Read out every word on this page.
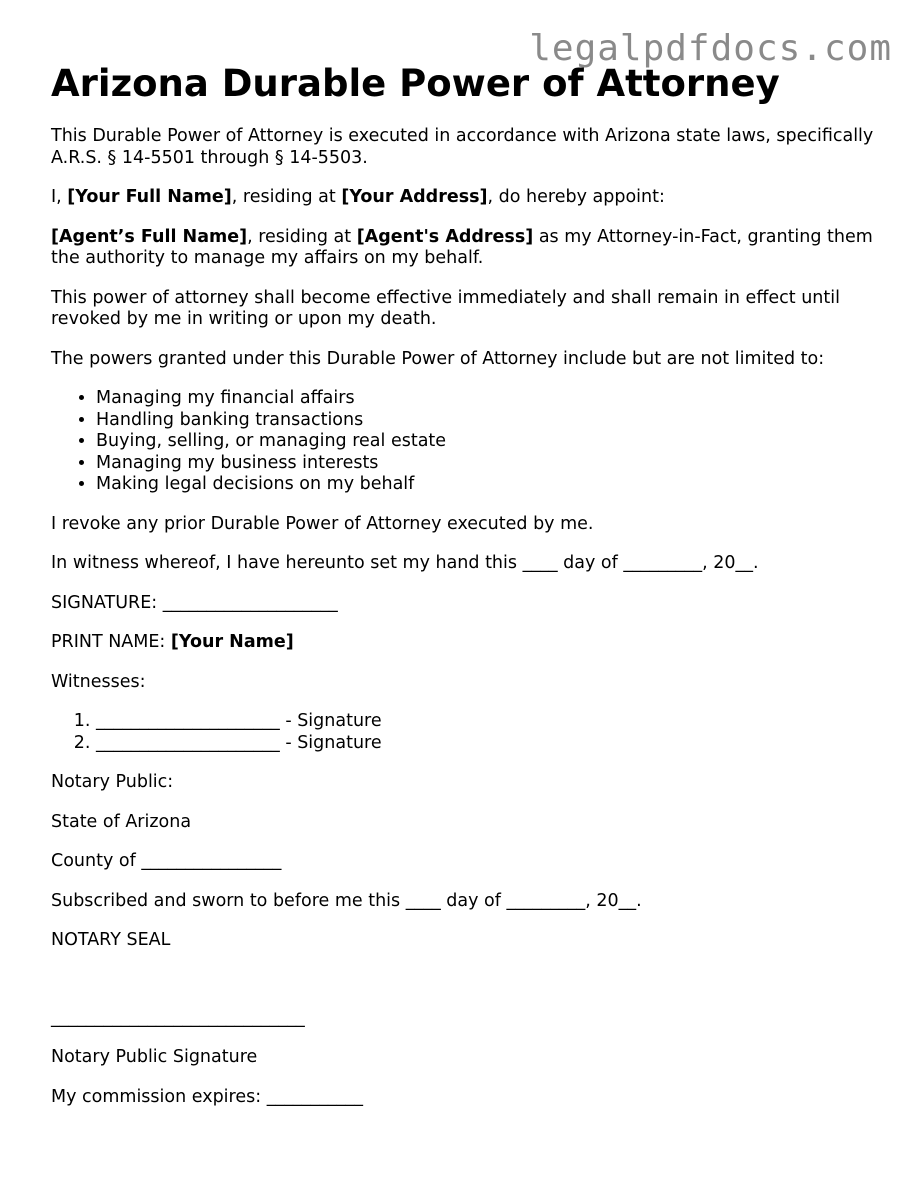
legalpdfdocs.com
Arizona Durable Power of Attorney

This Durable Power of Attorney is executed in accordance with Arizona state laws, specifically A.R.S. § 14-5501 through § 14-5503.

I, [Your Full Name], residing at [Your Address], do hereby appoint:

[Agent’s Full Name], residing at [Agent's Address] as my Attorney-in-Fact, granting them the authority to manage my affairs on my behalf.

This power of attorney shall become effective immediately and shall remain in effect until revoked by me in writing or upon my death.

The powers granted under this Durable Power of Attorney include but are not limited to:

• Managing my financial affairs
• Handling banking transactions
• Buying, selling, or managing real estate
• Managing my business interests
• Making legal decisions on my behalf

I revoke any prior Durable Power of Attorney executed by me.

In witness whereof, I have hereunto set my hand this ____ day of _________, 20__.

SIGNATURE: ____________________

PRINT NAME: [Your Name]

Witnesses:

1. _____________________ - Signature
2. _____________________ - Signature

Notary Public:

State of Arizona

County of ________________

Subscribed and sworn to before me this ____ day of _________, 20__.

NOTARY SEAL

_____________________________

Notary Public Signature

My commission expires: ___________
